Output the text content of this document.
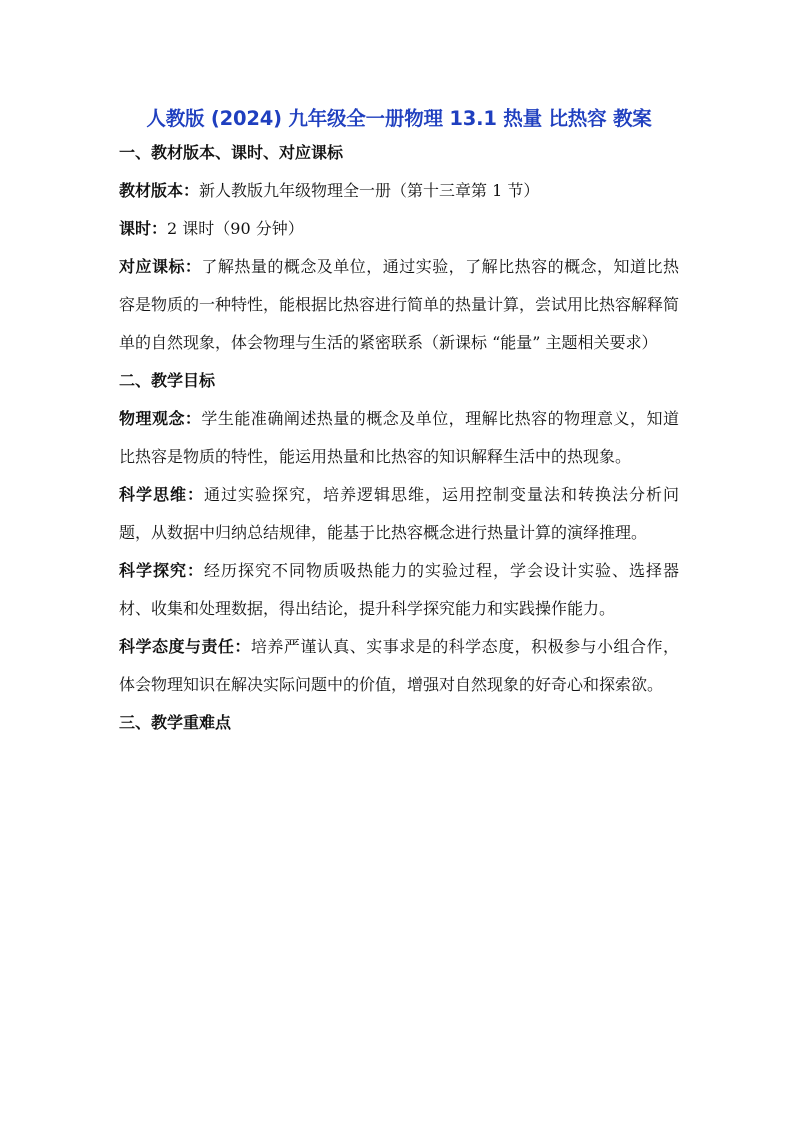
人教版 (2024) 九年级全一册物理 13.1 热量 比热容 教案
一、教材版本、课时、对应课标

教材版本：新人教版九年级物理全一册（第十三章第 1 节）

课时：2 课时（90 分钟）

对应课标：了解热量的概念及单位，通过实验，了解比热容的概念，知道比热容是物质的一种特性，能根据比热容进行简单的热量计算，尝试用比热容解释简单的自然现象，体会物理与生活的紧密联系（新课标 “能量” 主题相关要求）

二、教学目标

物理观念：学生能准确阐述热量的概念及单位，理解比热容的物理意义，知道比热容是物质的特性，能运用热量和比热容的知识解释生活中的热现象。

科学思维：通过实验探究，培养逻辑思维，运用控制变量法和转换法分析问题，从数据中归纳总结规律，能基于比热容概念进行热量计算的演绎推理。

科学探究：经历探究不同物质吸热能力的实验过程，学会设计实验、选择器材、收集和处理数据，得出结论，提升科学探究能力和实践操作能力。

科学态度与责任：培养严谨认真、实事求是的科学态度，积极参与小组合作，体会物理知识在解决实际问题中的价值，增强对自然现象的好奇心和探索欲。

三、教学重难点
